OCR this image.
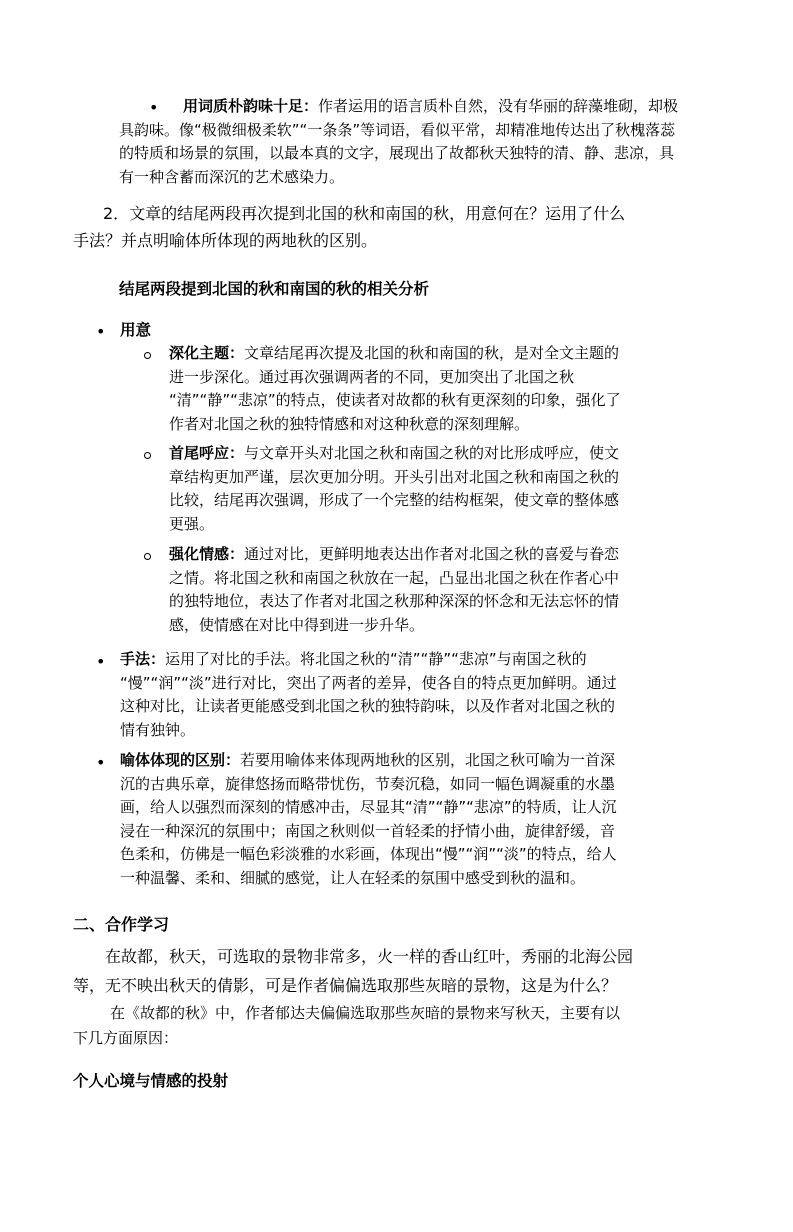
•	用词质朴韵味十足：作者运用的语言质朴自然，没有华丽的辞藻堆砌，却极
具韵味。像“极微细极柔软”“一条条”等词语，看似平常，却精准地传达出了秋槐落蕊
的特质和场景的氛围，以最本真的文字，展现出了故都秋天独特的清、静、悲凉，具
有一种含蓄而深沉的艺术感染力。
2．文章的结尾两段再次提到北国的秋和南国的秋，用意何在？运用了什么
手法？并点明喻体所体现的两地秋的区别。
结尾两段提到北国的秋和南国的秋的相关分析
• 用意
深化主题：文章结尾再次提及北国的秋和南国的秋，是对全文主题的
进一步深化。通过再次强调两者的不同，更加突出了北国之秋
“清”“静”“悲凉”的特点，使读者对故都的秋有更深刻的印象，强化了
作者对北国之秋的独特情感和对这种秋意的深刻理解。
首尾呼应：与文章开头对北国之秋和南国之秋的对比形成呼应，使文
章结构更加严谨，层次更加分明。开头引出对北国之秋和南国之秋的
比较，结尾再次强调，形成了一个完整的结构框架，使文章的整体感
更强。
强化情感：通过对比，更鲜明地表达出作者对北国之秋的喜爱与眷恋
之情。将北国之秋和南国之秋放在一起，凸显出北国之秋在作者心中
的独特地位，表达了作者对北国之秋那种深深的怀念和无法忘怀的情
感，使情感在对比中得到进一步升华。
• 手法：运用了对比的手法。将北国之秋的“清”“静”“悲凉”与南国之秋的
“慢”“润”“淡”进行对比，突出了两者的差异，使各自的特点更加鲜明。通过
这种对比，让读者更能感受到北国之秋的独特韵味，以及作者对北国之秋的
情有独钟。
• 喻体体现的区别：若要用喻体来体现两地秋的区别，北国之秋可喻为一首深
沉的古典乐章，旋律悠扬而略带忧伤，节奏沉稳，如同一幅色调凝重的水墨
画，给人以强烈而深刻的情感冲击，尽显其“清”“静”“悲凉”的特质，让人沉
浸在一种深沉的氛围中；南国之秋则似一首轻柔的抒情小曲，旋律舒缓，音
色柔和，仿佛是一幅色彩淡雅的水彩画，体现出“慢”“润”“淡”的特点，给人
一种温馨、柔和、细腻的感觉，让人在轻柔的氛围中感受到秋的温和。
二、合作学习
在故都，秋天，可选取的景物非常多，火一样的香山红叶，秀丽的北海公园
等，无不映出秋天的倩影，可是作者偏偏选取那些灰暗的景物，这是为什么？
在《故都的秋》中，作者郁达夫偏偏选取那些灰暗的景物来写秋天，主要有以
下几方面原因：
个人心境与情感的投射
